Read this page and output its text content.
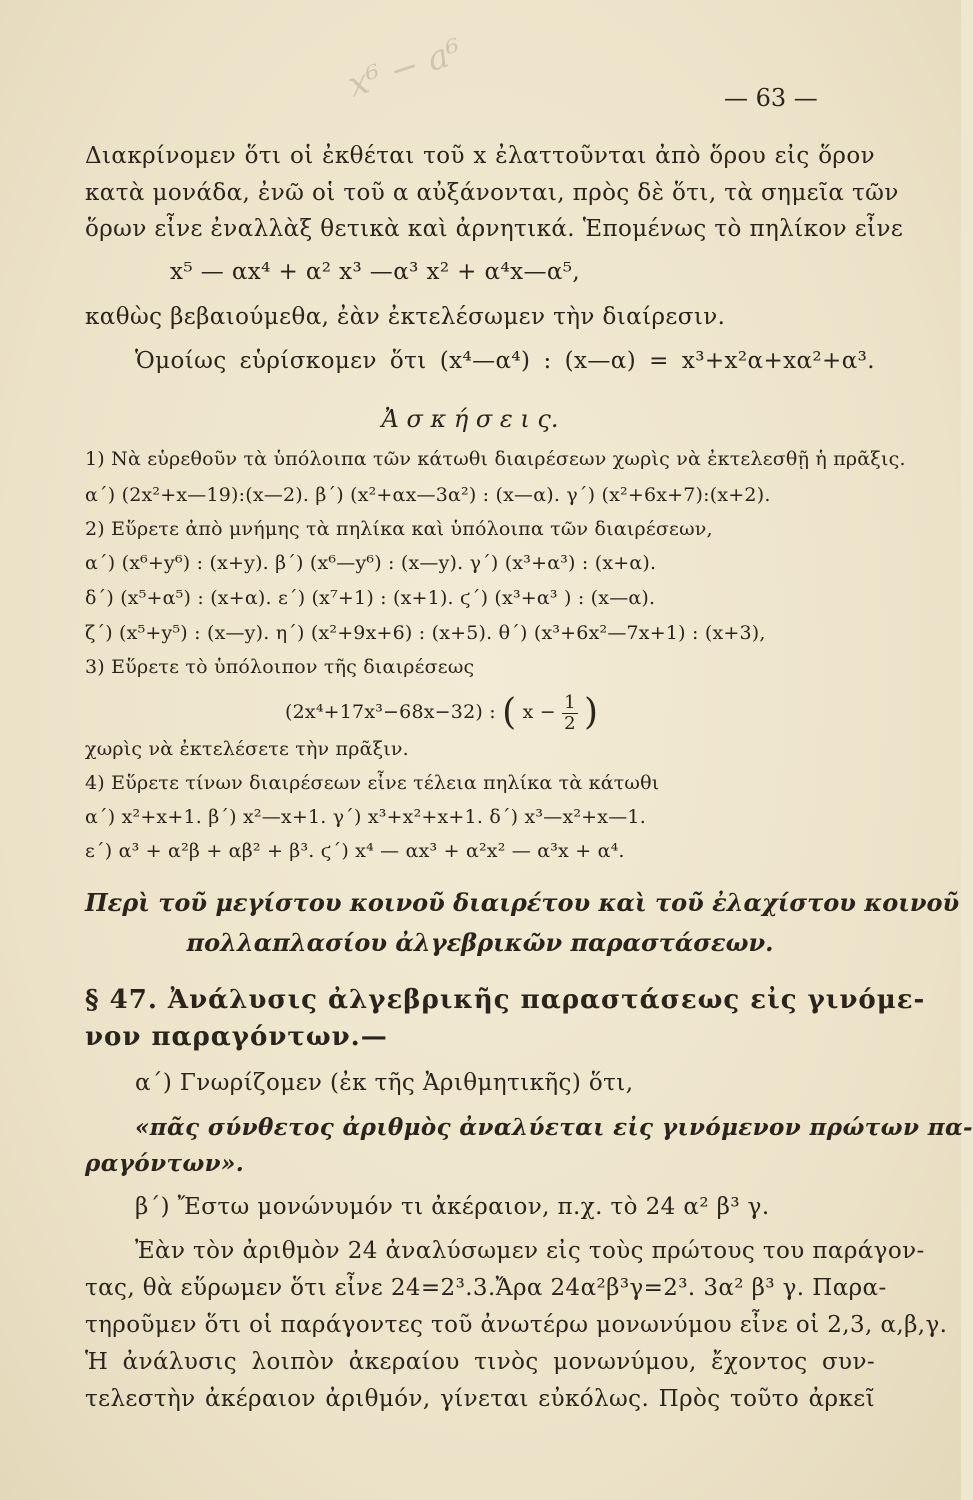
x⁶ − a⁶	— 63 —
Διακρίνομεν ὅτι οἱ ἐκθέται τοῦ x ἐλαττοῦνται ἀπὸ ὅρου εἰς ὅρον
κατὰ μονάδα, ἐνῶ οἱ τοῦ α αὐξάνονται, πρὸς δὲ ὅτι, τὰ σημεῖα τῶν
ὅρων εἶνε ἐναλλὰξ θετικὰ καὶ ἀρνητικά. Ἑπομένως τὸ πηλίκον εἶνε
x⁵ — αx⁴ + α² x³ —α³ x² + α⁴x—α⁵,
καθὼς βεβαιούμεθα, ἐὰν ἐκτελέσωμεν τὴν διαίρεσιν.
Ὁμοίως εὑρίσκομεν ὅτι (x⁴—α⁴) : (x—α) = x³+x²α+xα²+α³.
Ἀ σ κ ή σ ε ι ς.
1) Νὰ εὑρεθοῦν τὰ ὑπόλοιπα τῶν κάτωθι διαιρέσεων χωρὶς νὰ ἐκτελεσθῇ ἡ πρᾶξις.
α΄) (2x²+x—19):(x—2). β΄) (x²+αx—3α²) : (x—α). γ΄) (x²+6x+7):(x+2).
2) Εὕρετε ἀπὸ μνήμης τὰ πηλίκα καὶ ὑπόλοιπα τῶν διαιρέσεων,
α΄) (x⁶+y⁶) : (x+y). β΄) (x⁶—y⁶) : (x—y). γ΄) (x³+α³) : (x+α).
δ΄) (x⁵+α⁵) : (x+α). ε΄) (x⁷+1) : (x+1). ϛ΄) (x³+α³ ) : (x—α).
ζ΄) (x⁵+y⁵) : (x—y). η΄) (x²+9x+6) : (x+5). θ΄) (x³+6x²—7x+1) : (x+3),
3) Εὕρετε τὸ ὑπόλοιπον τῆς διαιρέσεως
(2x⁴+17x³−68x−32) : ( $x - \frac{1}{2}$ )
χωρὶς νὰ ἐκτελέσετε τὴν πρᾶξιν.
4) Εὕρετε τίνων διαιρέσεων εἶνε τέλεια πηλίκα τὰ κάτωθι
α΄) x²+x+1. β΄) x²—x+1. γ΄) x³+x²+x+1. δ΄) x³—x²+x—1.
ε΄) α³ + α²β + αβ² + β³. ϛ΄) x⁴ — αx³ + α²x² — α³x + α⁴.
Περὶ τοῦ μεγίστου κοινοῦ διαιρέτου καὶ τοῦ ἐλαχίστου κοινοῦ
πολλαπλασίου ἀλγεβρικῶν παραστάσεων.
§ 47. Ἀνάλυσις ἀλγεβρικῆς παραστάσεως εἰς γινόμε-
νον παραγόντων.—
α΄) Γνωρίζομεν (ἐκ τῆς Ἀριθμητικῆς) ὅτι,
«πᾶς σύνθετος ἀριθμὸς ἀναλύεται εἰς γινόμενον πρώτων πα-
ραγόντων».
β΄) Ἔστω μονώνυμόν τι ἀκέραιον, π.χ. τὸ 24 α² β³ γ.
Ἐὰν τὸν ἀριθμὸν 24 ἀναλύσωμεν εἰς τοὺς πρώτους του παράγον-
τας, θὰ εὕρωμεν ὅτι εἶνε 24=2³.3.Ἄρα 24α²β³γ=2³. 3α² β³ γ. Παρα-
τηροῦμεν ὅτι οἱ παράγοντες τοῦ ἀνωτέρω μονωνύμου εἶνε οἱ 2,3, α,β,γ.
Ἡ ἀνάλυσις λοιπὸν ἀκεραίου τινὸς μονωνύμου, ἔχοντος συν-
τελεστὴν ἀκέραιον ἀριθμόν, γίνεται εὐκόλως. Πρὸς τοῦτο ἀρκεῖ
